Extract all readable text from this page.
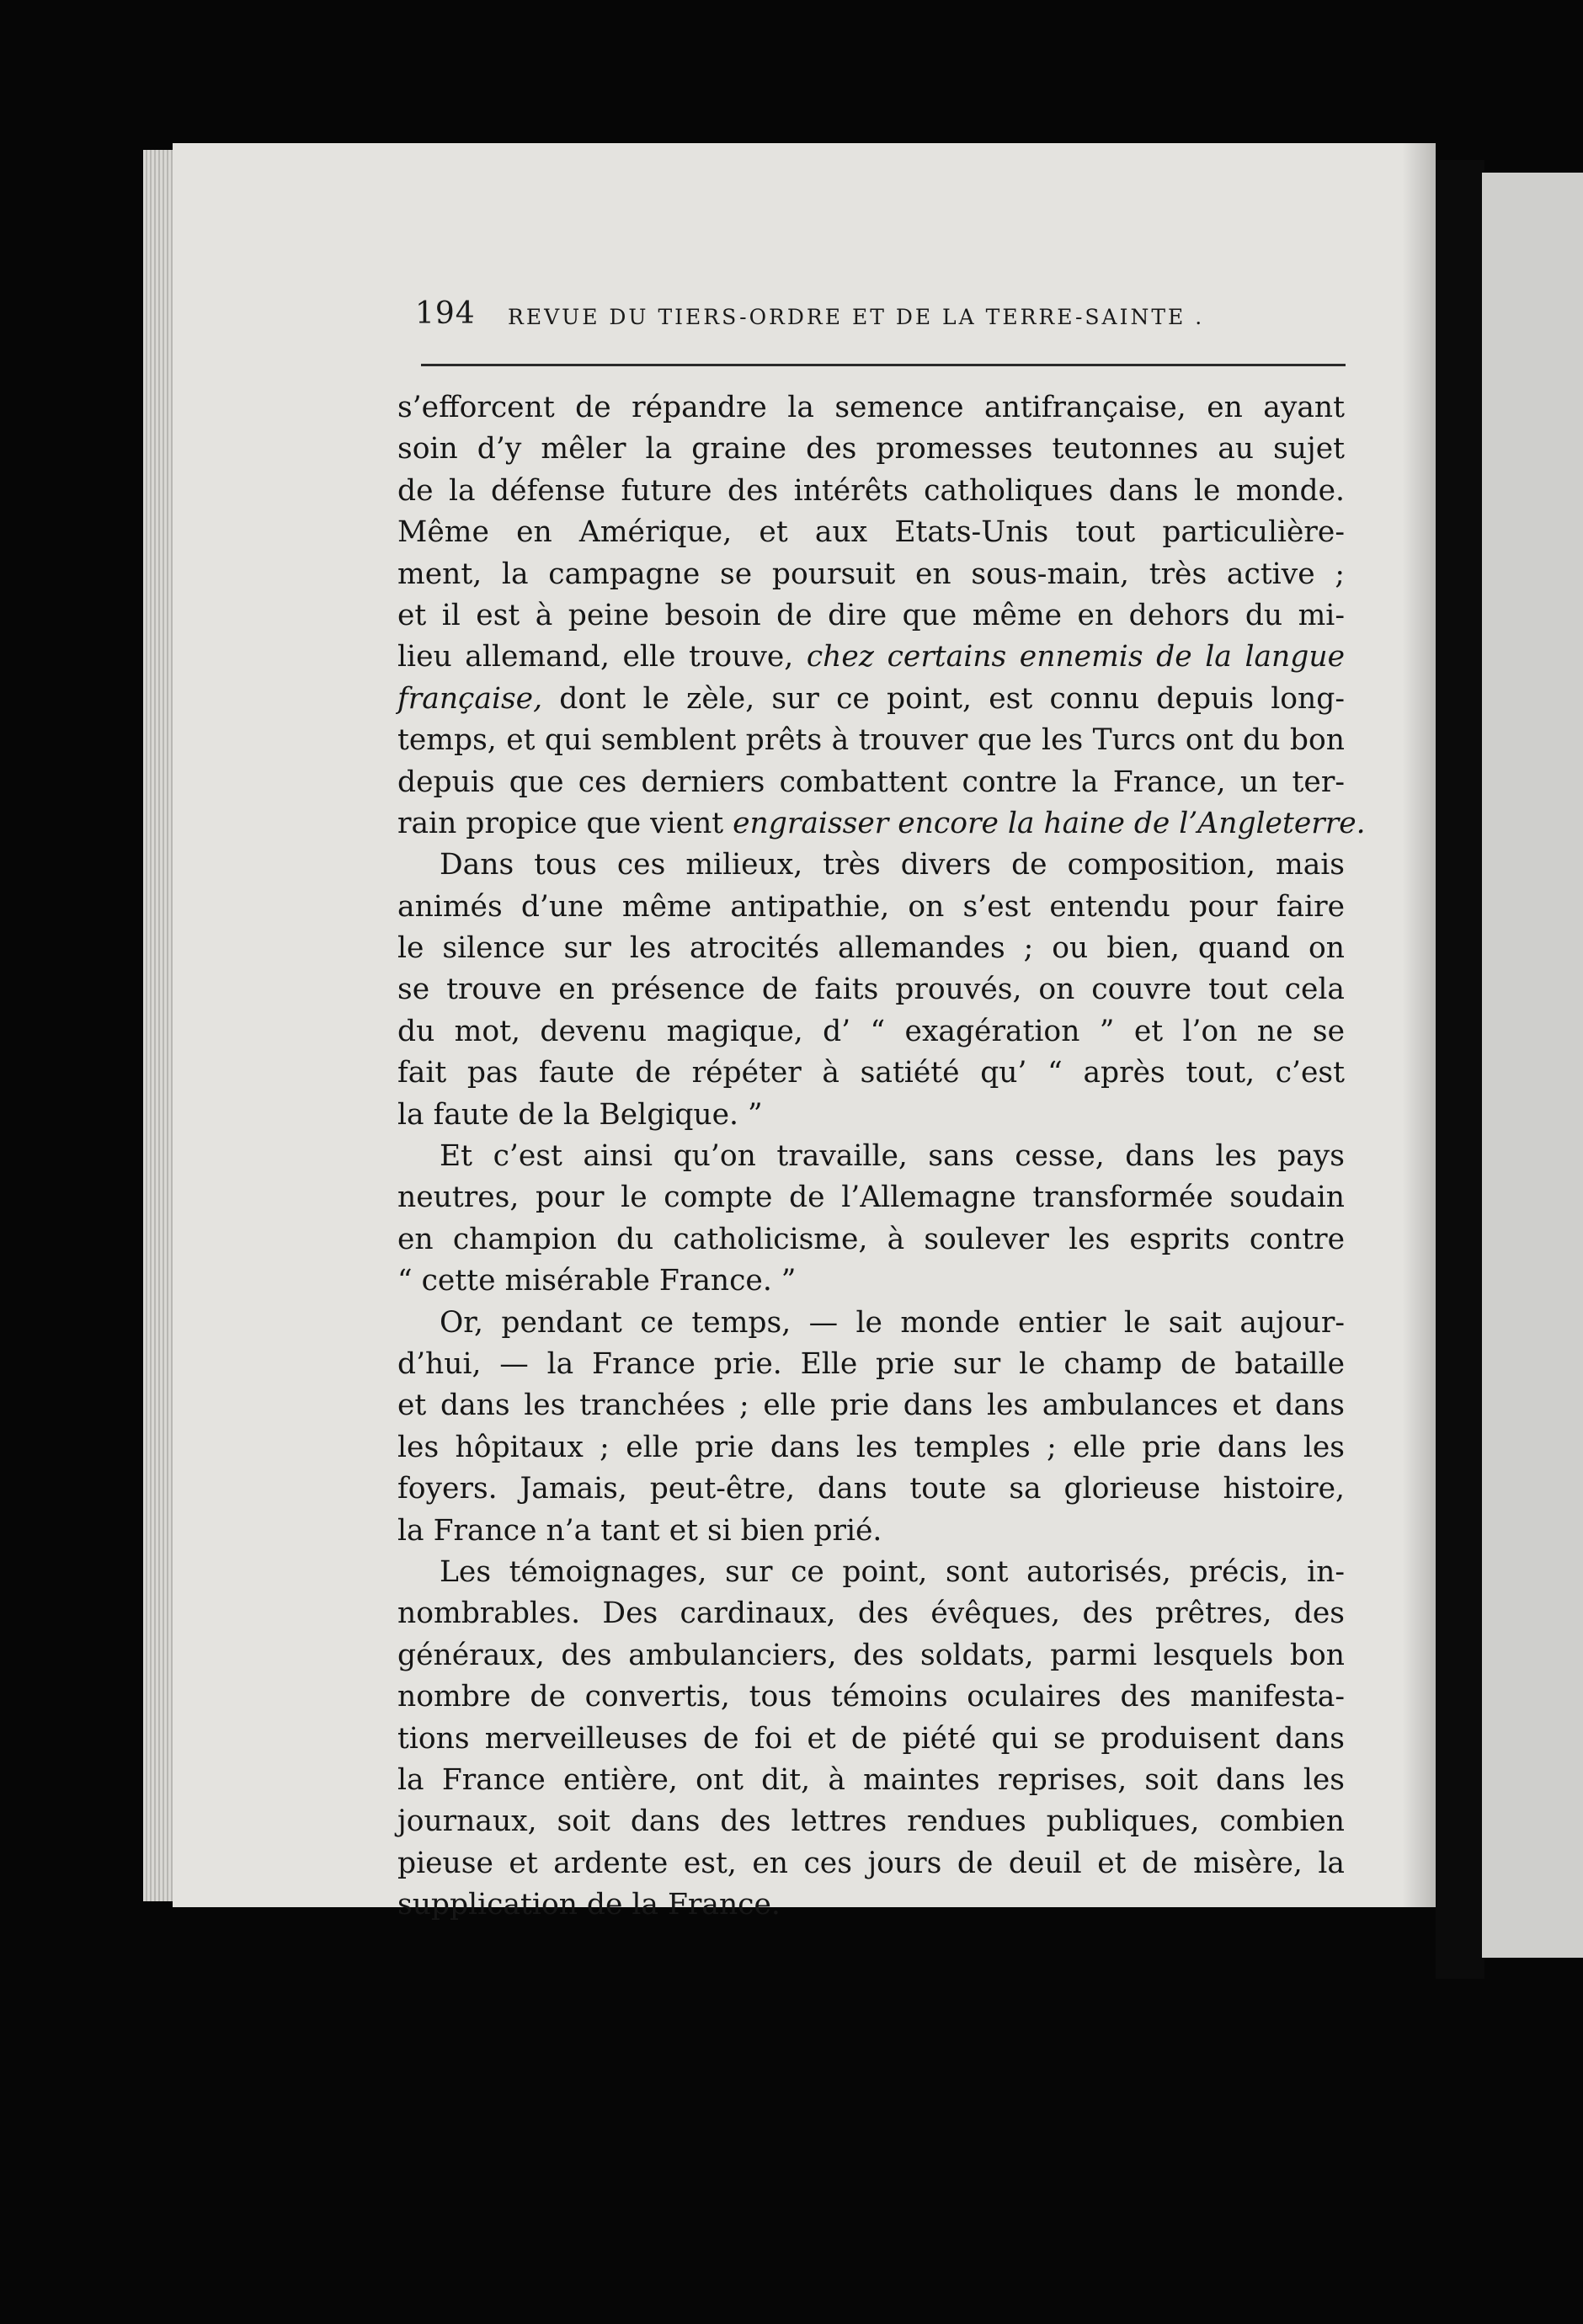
194 REVUE DU TIERS-ORDRE ET DE LA TERRE-SAINTE .
s’efforcent de répandre la semence antifrançaise, en ayant
soin d’y mêler la graine des promesses teutonnes au sujet
de la défense future des intérêts catholiques dans le monde.
Même en Amérique, et aux Etats-Unis tout particulière-
ment, la campagne se poursuit en sous-main, très active ;
et il est à peine besoin de dire que même en dehors du mi-
lieu allemand, elle trouve, chez certains ennemis de la langue
française, dont le zèle, sur ce point, est connu depuis long-
temps, et qui semblent prêts à trouver que les Turcs ont du bon
depuis que ces derniers combattent contre la France, un ter-
rain propice que vient engraisser encore la haine de l’Angleterre.
Dans tous ces milieux, très divers de composition, mais
animés d’une même antipathie, on s’est entendu pour faire
le silence sur les atrocités allemandes ; ou bien, quand on
se trouve en présence de faits prouvés, on couvre tout cela
du mot, devenu magique, d’ “ exagération ” et l’on ne se
fait pas faute de répéter à satiété qu’ “ après tout, c’est
la faute de la Belgique. ”
Et c’est ainsi qu’on travaille, sans cesse, dans les pays
neutres, pour le compte de l’Allemagne transformée soudain
en champion du catholicisme, à soulever les esprits contre
“ cette misérable France. ”
Or, pendant ce temps, — le monde entier le sait aujour-
d’hui, — la France prie. Elle prie sur le champ de bataille
et dans les tranchées ; elle prie dans les ambulances et dans
les hôpitaux ; elle prie dans les temples ; elle prie dans les
foyers. Jamais, peut-être, dans toute sa glorieuse histoire,
la France n’a tant et si bien prié.
Les témoignages, sur ce point, sont autorisés, précis, in-
nombrables. Des cardinaux, des évêques, des prêtres, des
généraux, des ambulanciers, des soldats, parmi lesquels bon
nombre de convertis, tous témoins oculaires des manifesta-
tions merveilleuses de foi et de piété qui se produisent dans
la France entière, ont dit, à maintes reprises, soit dans les
journaux, soit dans des lettres rendues publiques, combien
pieuse et ardente est, en ces jours de deuil et de misère, la
supplication de la France.
